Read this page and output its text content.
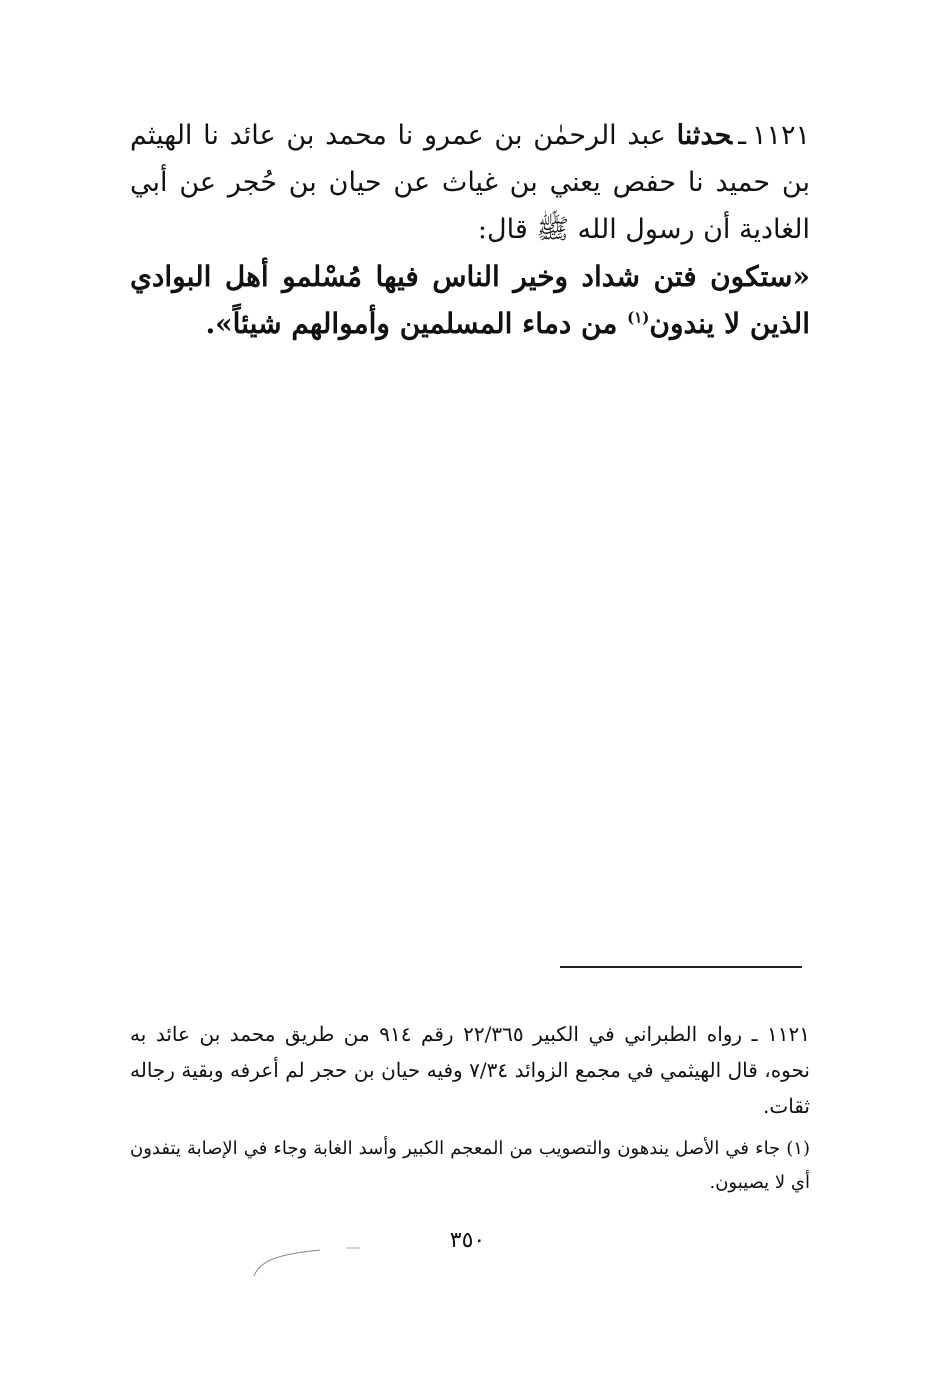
١١٢١ـحدثنا عبد الرحمٰن بن عمرو نا محمد بن عائد نا الهيثم بن حميد نا حفص يعني بن غياث عن حيان بن حُجر عن أبي الغادية أن رسول الله ﷺ قال:

«ستكون فتن شداد وخير الناس فيها مُسْلمو أهل البوادي الذين لا يندون$^{(١)}$ من دماء المسلمين وأموالهم شيئاً».

١١٢١ ـ رواه الطبراني في الكبير ٢٢/٣٦٥ رقم ٩١٤ من طريق محمد بن عائد به نحوه، قال الهيثمي في مجمع الزوائد ٧/٣٤ وفيه حيان بن حجر لم أعرفه وبقية رجاله ثقات.

(١) جاء في الأصل يندهون والتصويب من المعجم الكبير وأسد الغابة وجاء في الإصابة يتفدون أي لا يصيبون.

٣٥٠
